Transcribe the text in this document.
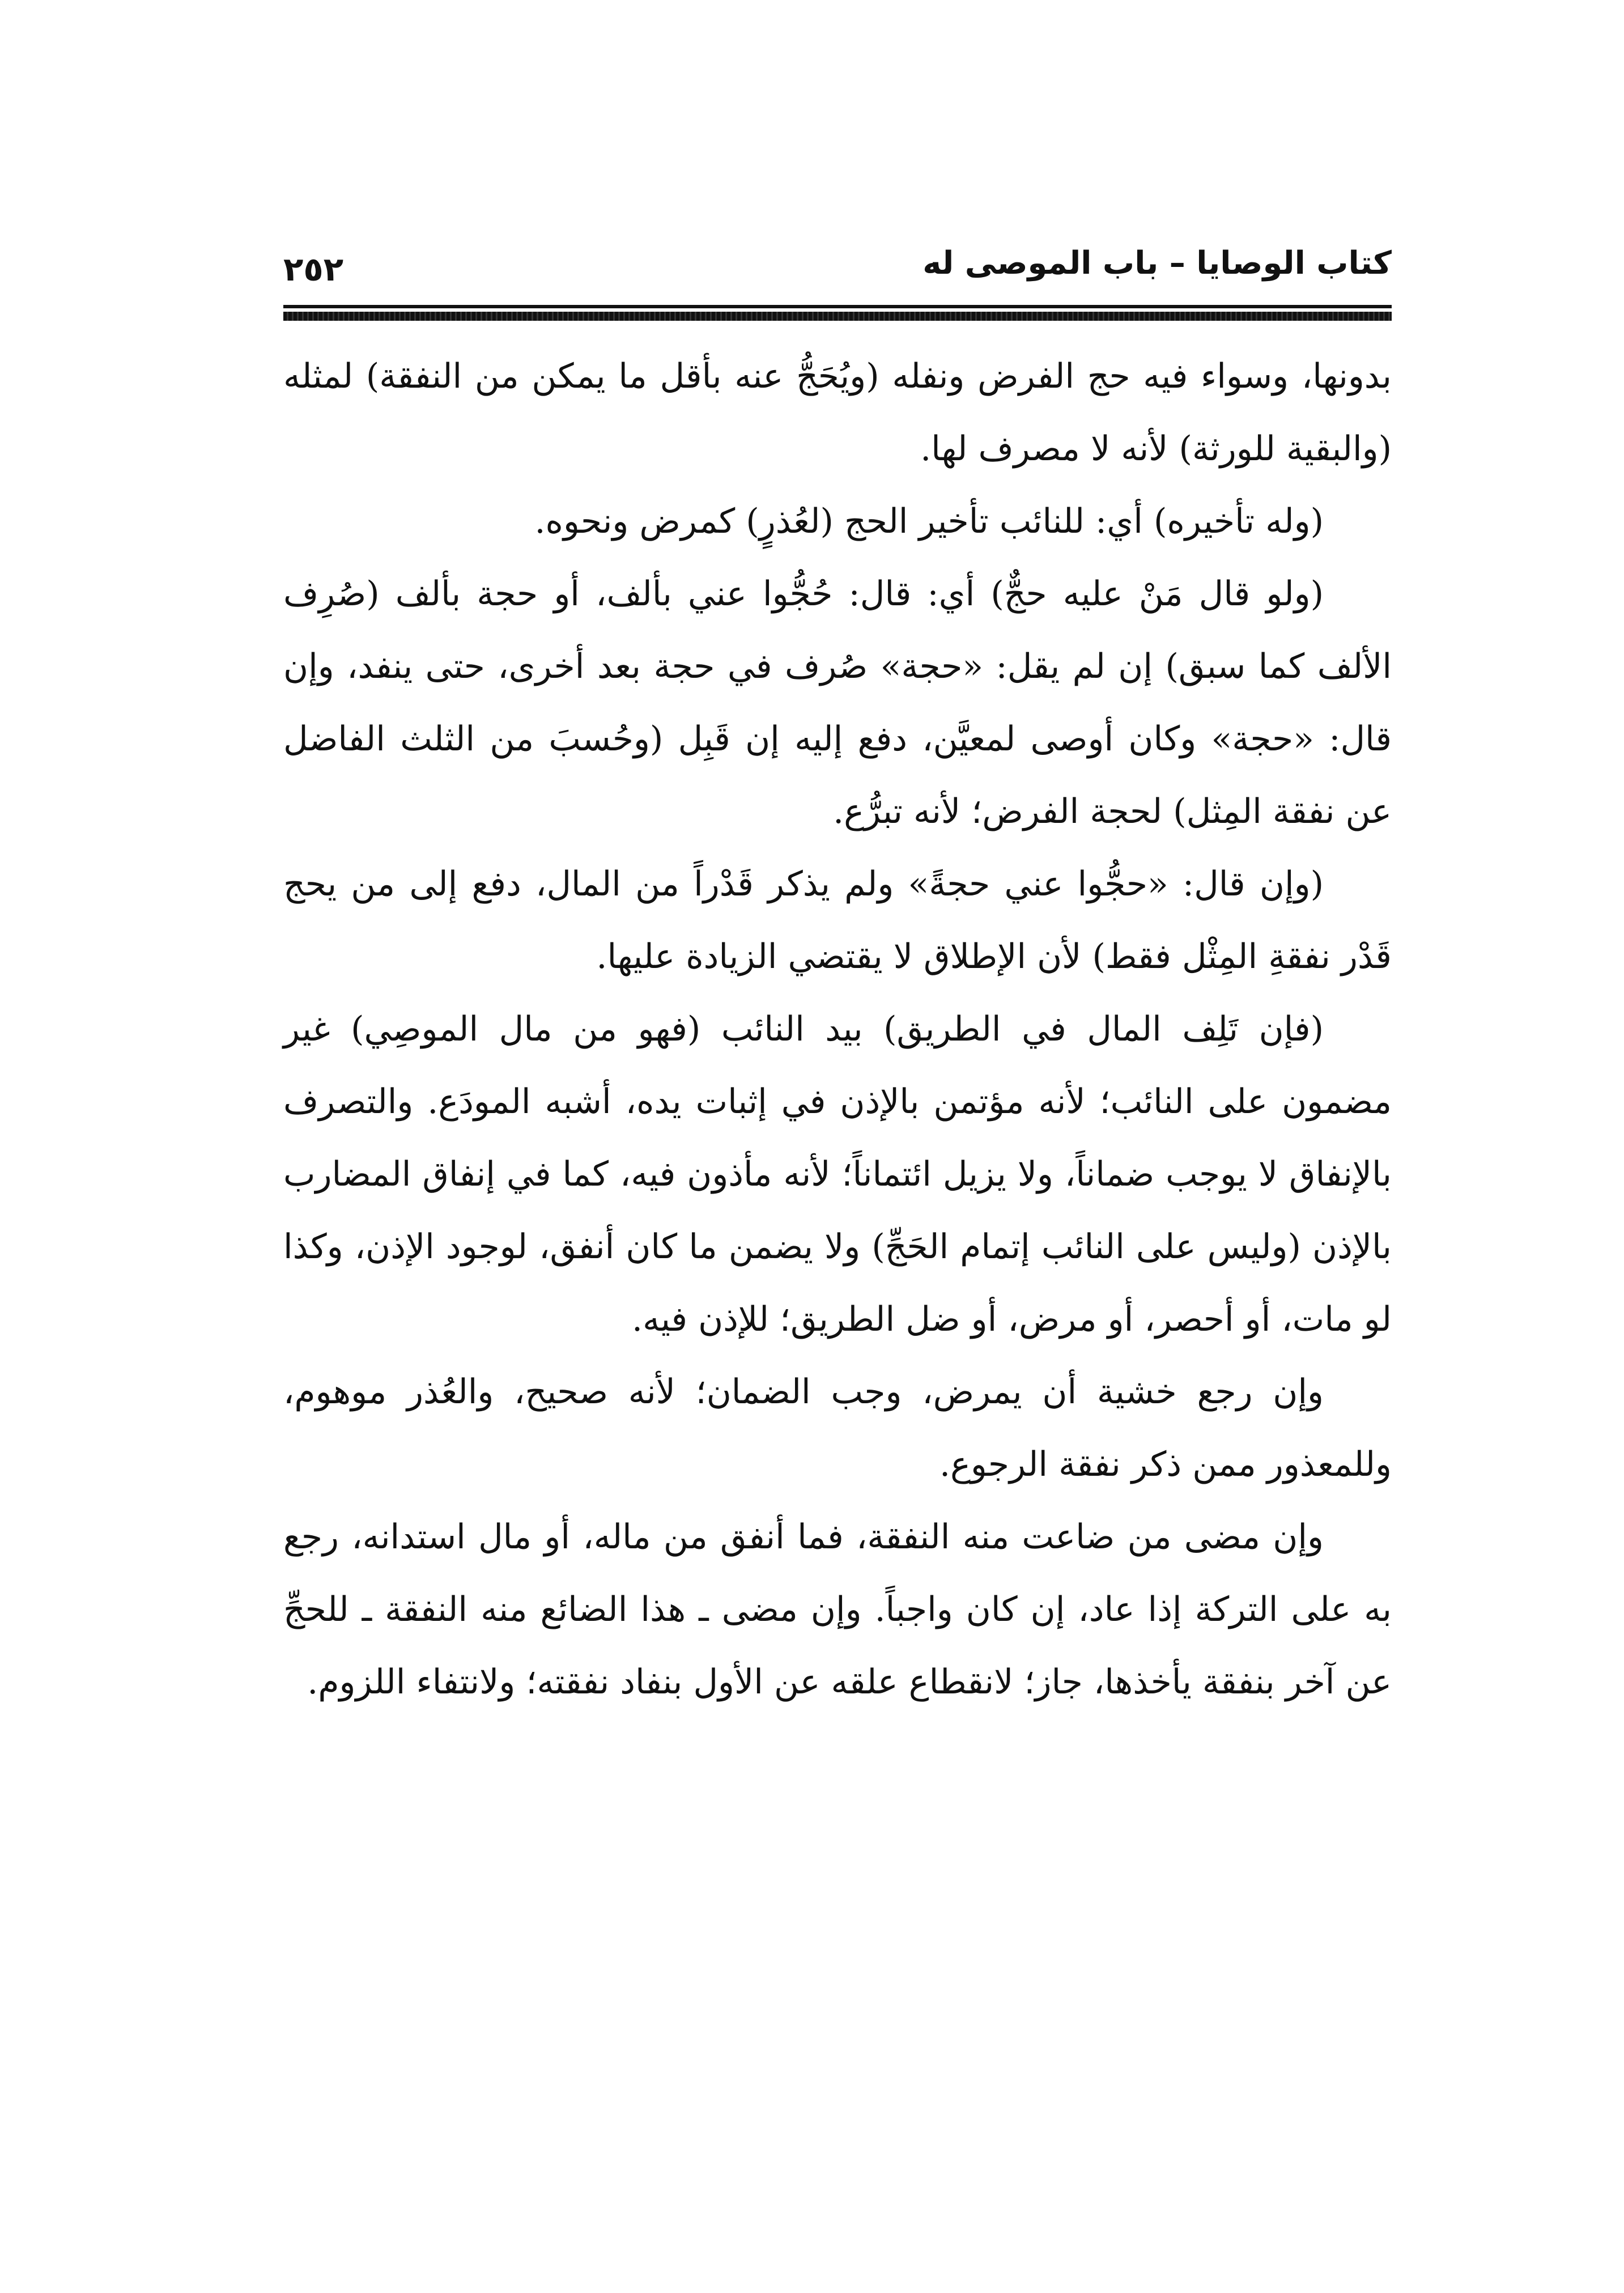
كتاب الوصايا – باب الموصى له
٢٥٢

بدونها، وسواء فيه حج الفرض ونفله (ويُحَجُّ عنه بأقل ما يمكن من النفقة) لمثله (والبقية للورثة) لأنه لا مصرف لها.

(وله تأخيره) أي: للنائب تأخير الحج (لعُذرٍ) كمرض ونحوه.

(ولو قال مَنْ عليه حجٌّ) أي: قال: حُجُّوا عني بألف، أو حجة بألف (صُرِف الألف كما سبق) إن لم يقل: «حجة» صُرف في حجة بعد أخرى، حتى ينفد، وإن قال: «حجة» وكان أوصى لمعيَّن، دفع إليه إن قَبِل (وحُسبَ من الثلث الفاضل عن نفقة المِثل) لحجة الفرض؛ لأنه تبرُّع.

(وإن قال: «حجُّوا عني حجةً» ولم يذكر قَدْراً من المال، دفع إلى من يحج قَدْر نفقةِ المِثْل فقط) لأن الإطلاق لا يقتضي الزيادة عليها.

(فإن تَلِف المال في الطريق) بيد النائب (فهو من مال الموصِي) غير مضمون على النائب؛ لأنه مؤتمن بالإذن في إثبات يده، أشبه المودَع. والتصرف بالإنفاق لا يوجب ضماناً، ولا يزيل ائتماناً؛ لأنه مأذون فيه، كما في إنفاق المضارب بالإذن (وليس على النائب إتمام الحَجِّ) ولا يضمن ما كان أنفق، لوجود الإذن، وكذا لو مات، أو أحصر، أو مرض، أو ضل الطريق؛ للإذن فيه.

وإن رجع خشية أن يمرض، وجب الضمان؛ لأنه صحيح، والعُذر موهوم، وللمعذور ممن ذكر نفقة الرجوع.

وإن مضى من ضاعت منه النفقة، فما أنفق من ماله، أو مال استدانه، رجع به على التركة إذا عاد، إن كان واجباً. وإن مضى ـ هذا الضائع منه النفقة ـ للحجِّ عن آخر بنفقة يأخذها، جاز؛ لانقطاع علقه عن الأول بنفاد نفقته؛ ولانتفاء اللزوم.
